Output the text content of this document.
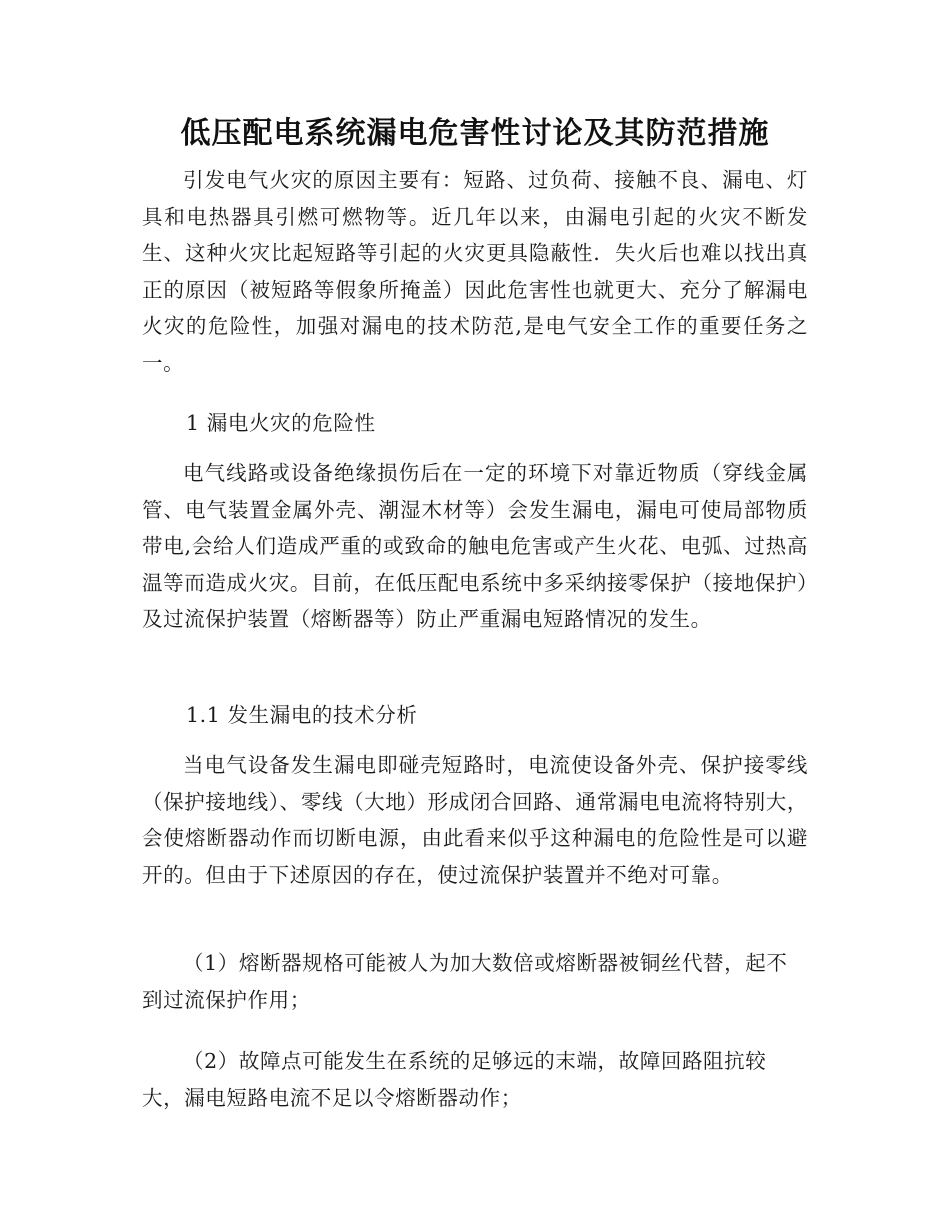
低压配电系统漏电危害性讨论及其防范措施

引发电气火灾的原因主要有：短路、过负荷、接触不良、漏电、灯具和电热器具引燃可燃物等。近几年以来，由漏电引起的火灾不断发生、这种火灾比起短路等引起的火灾更具隐蔽性．失火后也难以找出真正的原因（被短路等假象所掩盖）因此危害性也就更大、充分了解漏电火灾的危险性，加强对漏电的技术防范,是电气安全工作的重要任务之一。

1 漏电火灾的危险性

电气线路或设备绝缘损伤后在一定的环境下对靠近物质（穿线金属管、电气装置金属外壳、潮湿木材等）会发生漏电，漏电可使局部物质带电,会给人们造成严重的或致命的触电危害或产生火花、电弧、过热高温等而造成火灾。目前，在低压配电系统中多采纳接零保护（接地保护）及过流保护装置（熔断器等）防止严重漏电短路情况的发生。

1.1 发生漏电的技术分析

当电气设备发生漏电即碰壳短路时，电流使设备外壳、保护接零线（保护接地线）、零线（大地）形成闭合回路、通常漏电电流将特别大，会使熔断器动作而切断电源，由此看来似乎这种漏电的危险性是可以避开的。但由于下述原因的存在，使过流保护装置并不绝对可靠。

（1）熔断器规格可能被人为加大数倍或熔断器被铜丝代替，起不到过流保护作用；

（2）故障点可能发生在系统的足够远的末端，故障回路阻抗较大，漏电短路电流不足以令熔断器动作；
